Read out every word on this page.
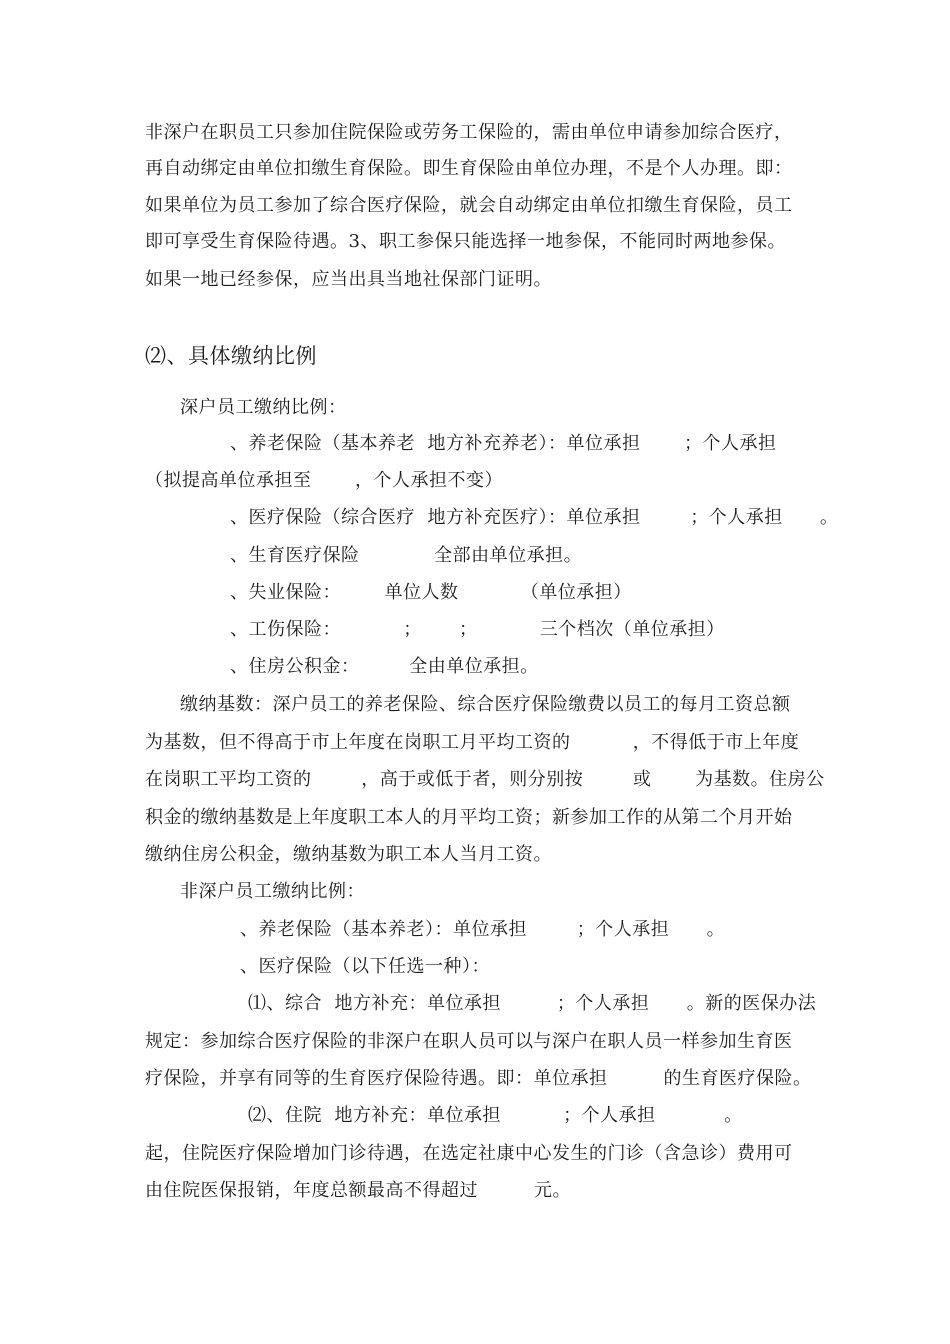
非深户在职员工只参加住院保险或劳务工保险的，需由单位申请参加综合医疗，
再自动绑定由单位扣缴生育保险。即生育保险由单位办理，不是个人办理。即：
如果单位为员工参加了综合医疗保险，就会自动绑定由单位扣缴生育保险，员工
即可享受生育保险待遇。3、职工参保只能选择一地参保，不能同时两地参保。
如果一地已经参保，应当出具当地社保部门证明。
⑵、具体缴纳比例
深户员工缴纳比例：
、养老保险（基本养老  地方补充养老）：单位承担       ；个人承担
（拟提高单位承担至       ，个人承担不变）
、医疗保险（综合医疗  地方补充医疗）：单位承担        ；个人承担      。
、生育医疗保险            全部由单位承担。
、失业保险：       单位人数          （单位承担）
、工伤保险：          ；      ；          三个档次（单位承担）
、住房公积金：        全由单位承担。
缴纳基数：深户员工的养老保险、综合医疗保险缴费以员工的每月工资总额
为基数，但不得高于市上年度在岗职工月平均工资的          ，不得低于市上年度
在岗职工平均工资的        ，高于或低于者，则分别按        或       为基数。住房公
积金的缴纳基数是上年度职工本人的月平均工资；新参加工作的从第二个月开始
缴纳住房公积金，缴纳基数为职工本人当月工资。
非深户员工缴纳比例：
、养老保险（基本养老）：单位承担        ；个人承担      。
、医疗保险（以下任选一种）：
⑴、综合  地方补充：单位承担         ；个人承担      。新的医保办法
规定：参加综合医疗保险的非深户在职人员可以与深户在职人员一样参加生育医
疗保险，并享有同等的生育医疗保险待遇。即：单位承担         的生育医疗保险。
⑵、住院  地方补充：单位承担          ；个人承担           。
起，住院医疗保险增加门诊待遇，在选定社康中心发生的门诊（含急诊）费用可
由住院医保报销，年度总额最高不得超过         元。
